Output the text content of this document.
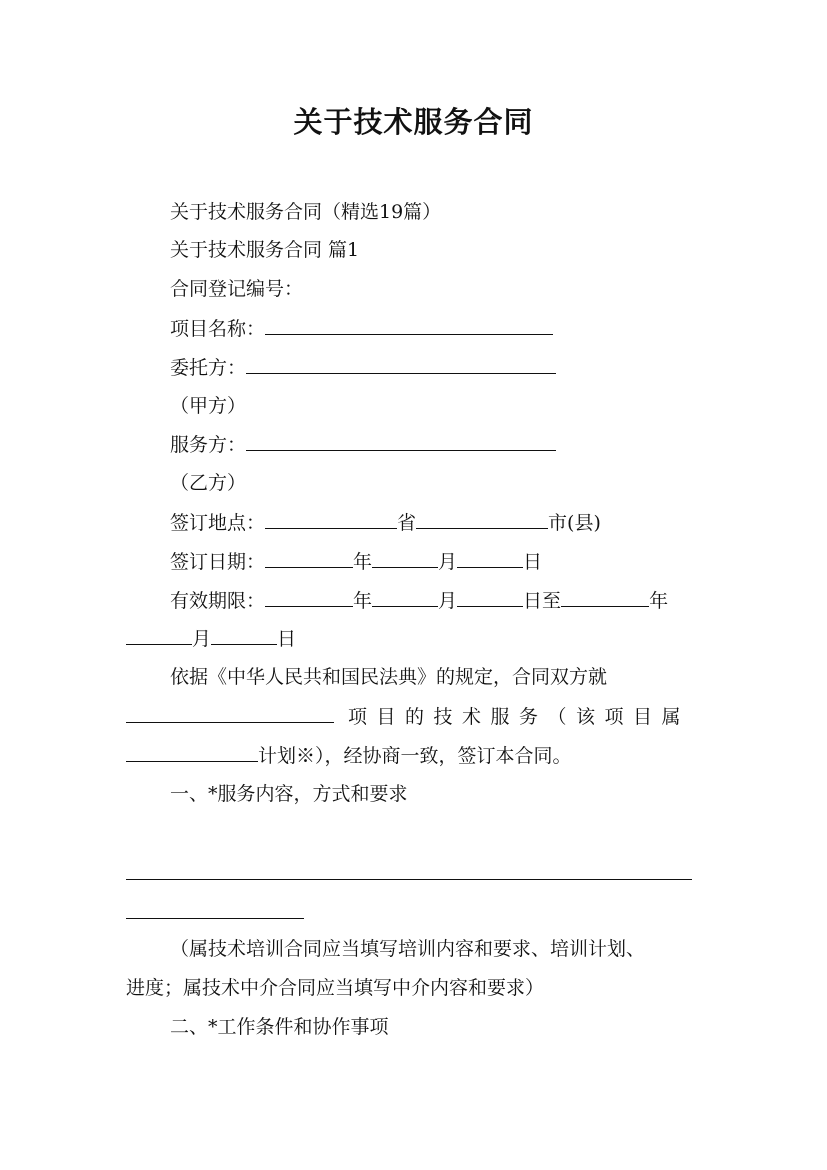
关于技术服务合同
关于技术服务合同（精选19篇）
关于技术服务合同 篇1
合同登记编号：
项目名称：
委托方：
（甲方）
服务方：
（乙方）
签订地点：	省	市(县)
签订日期：	年	月	日
有效期限：	年	月	日至	年
月	日
依据《中华人民共和国民法典》的规定，合同双方就
项目的技术服务（该项目属
计划※），经协商一致，签订本合同。
一、*服务内容，方式和要求
（属技术培训合同应当填写培训内容和要求、培训计划、
进度；属技术中介合同应当填写中介内容和要求）
二、*工作条件和协作事项
